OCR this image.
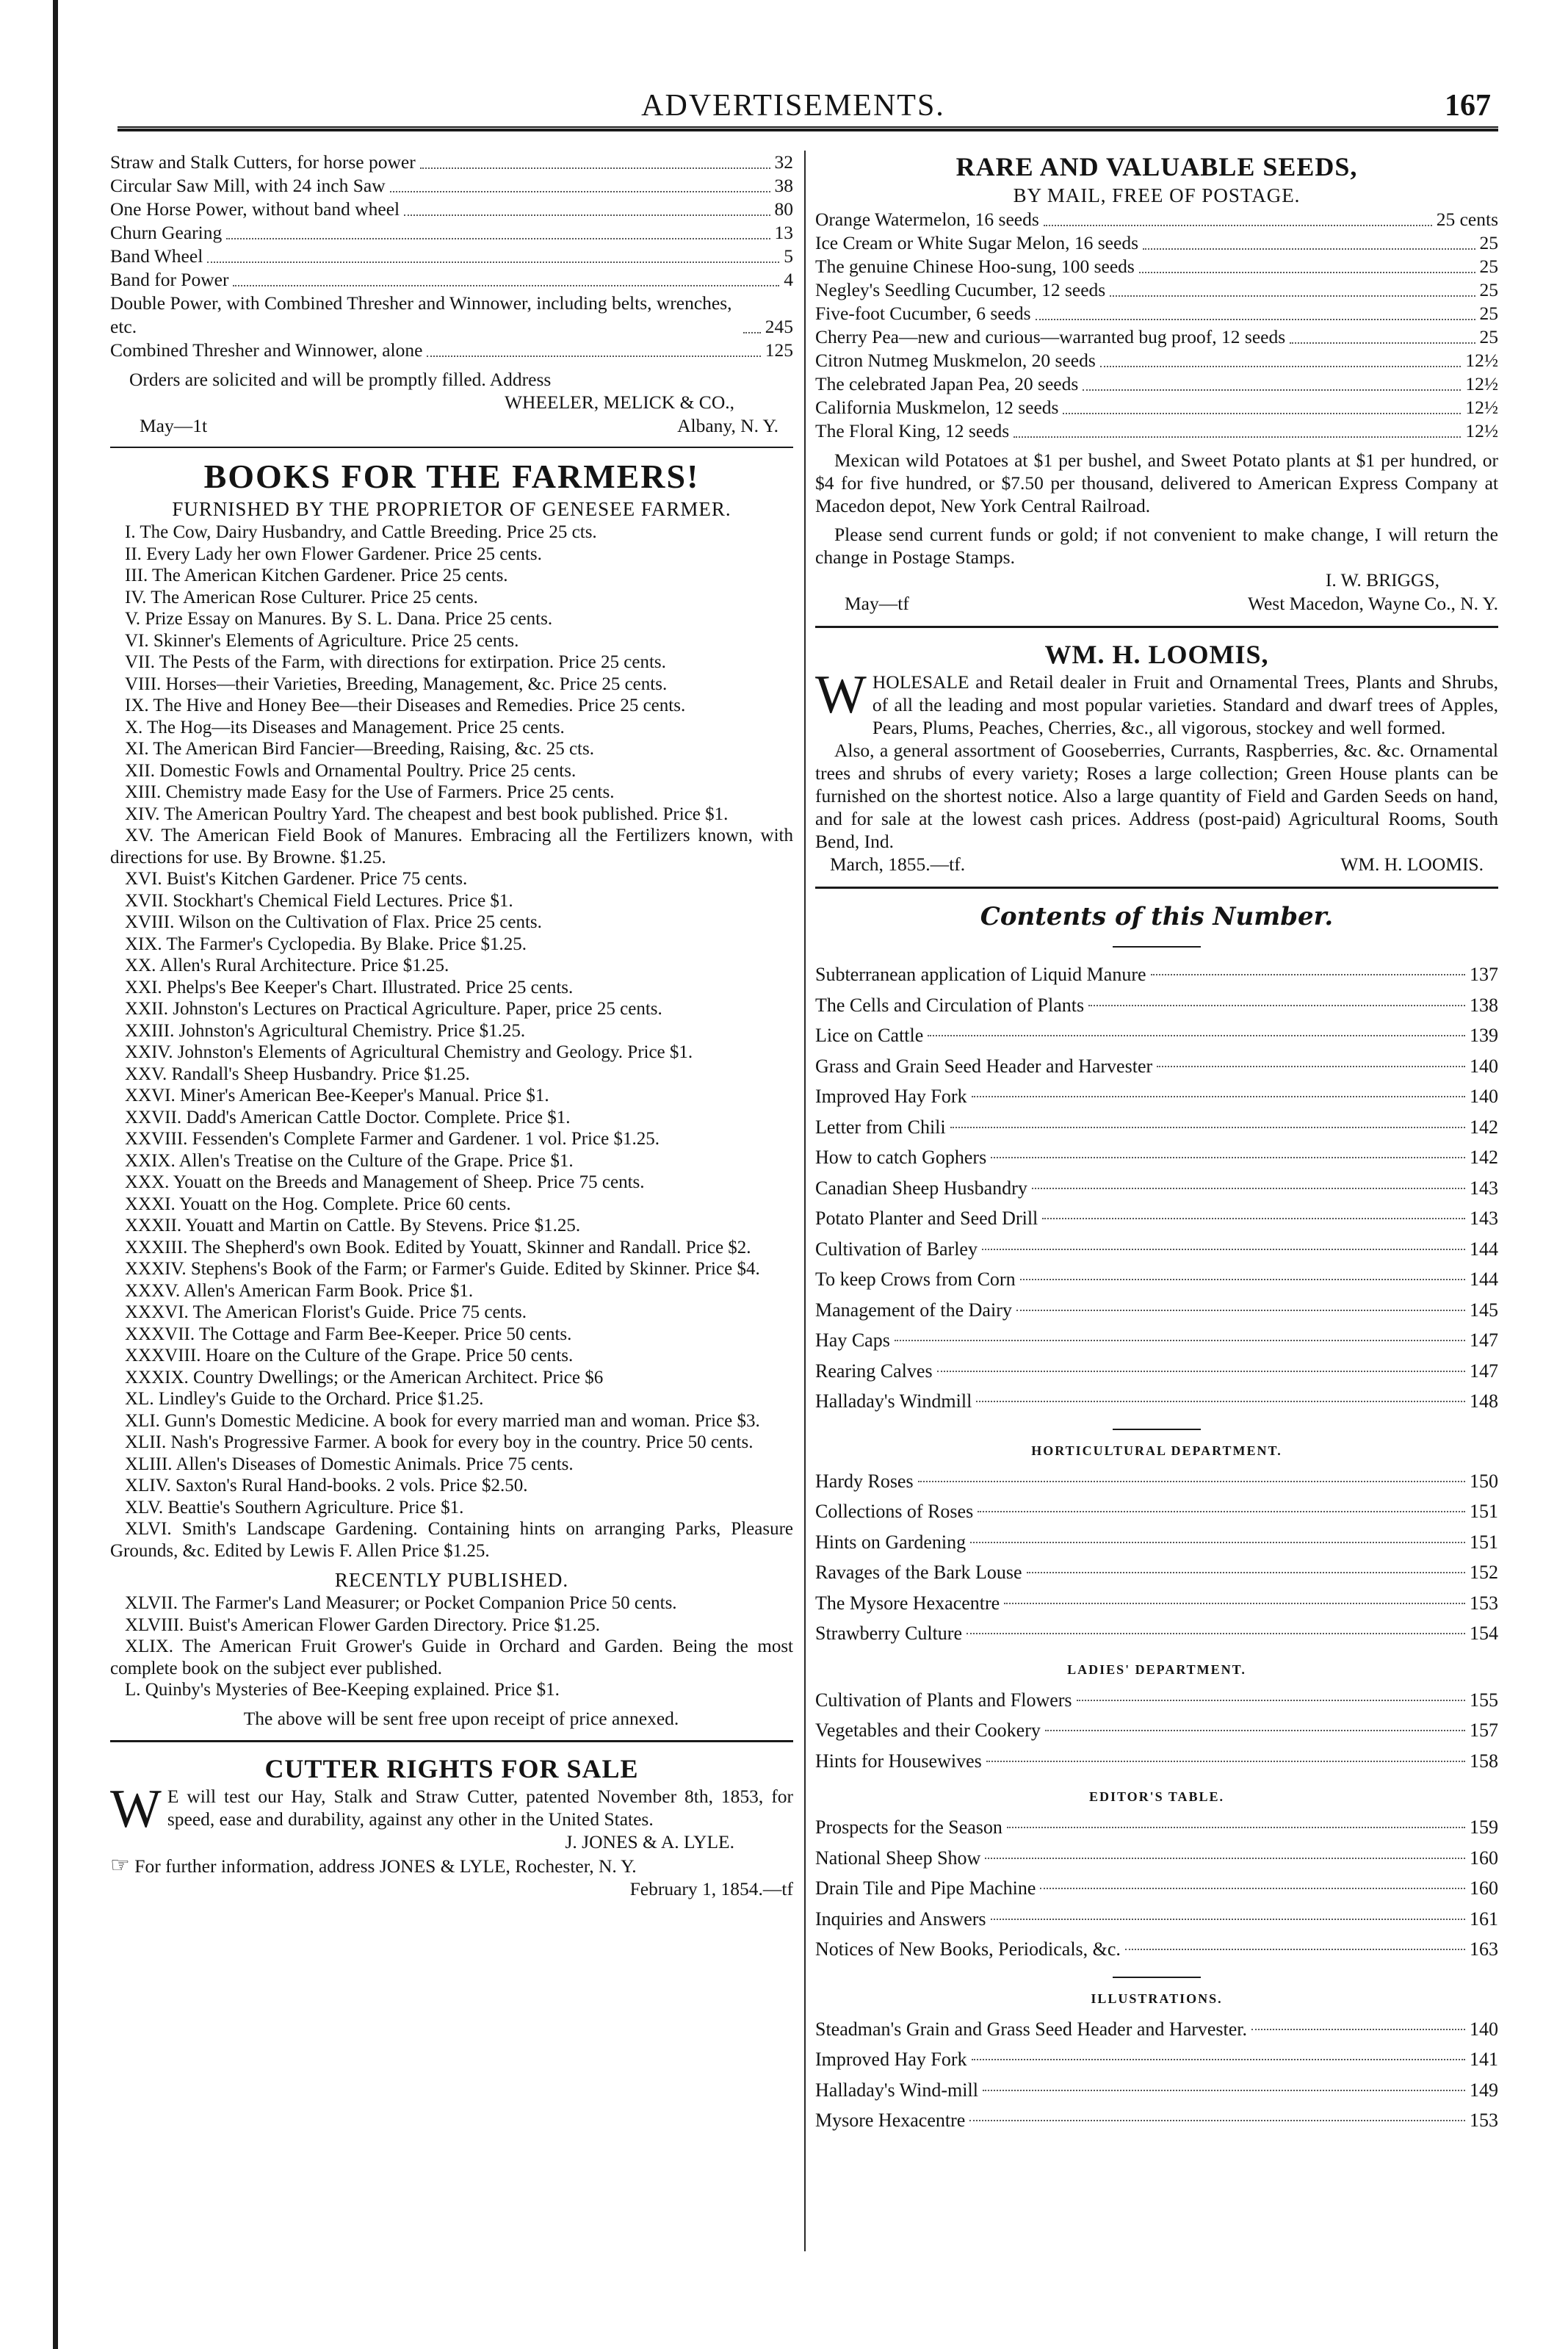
ADVERTISEMENTS.	167
Straw and Stalk Cutters, for horse power	32
Circular Saw Mill, with 24 inch Saw	38
One Horse Power, without band wheel	80
Churn Gearing	13
Band Wheel	5
Band for Power	4
Double Power, with Combined Thresher and Winnower, including belts, wrenches, etc.	245
Combined Thresher and Winnower, alone	125

Orders are solicited and will be promptly filled. Address

WHEELER, MELICK & CO.,
May—1t	Albany, N. Y.
BOOKS FOR THE FARMERS!
FURNISHED BY THE PROPRIETOR OF GENESEE FARMER.
I. The Cow, Dairy Husbandry, and Cattle Breeding. Price 25 cts.
II. Every Lady her own Flower Gardener. Price 25 cents.
III. The American Kitchen Gardener. Price 25 cents.
IV. The American Rose Culturer. Price 25 cents.
V. Prize Essay on Manures. By S. L. Dana. Price 25 cents.
VI. Skinner's Elements of Agriculture. Price 25 cents.
VII. The Pests of the Farm, with directions for extirpation. Price 25 cents.
VIII. Horses—their Varieties, Breeding, Management, &c. Price 25 cents.
IX. The Hive and Honey Bee—their Diseases and Remedies. Price 25 cents.
X. The Hog—its Diseases and Management. Price 25 cents.
XI. The American Bird Fancier—Breeding, Raising, &c. 25 cts.
XII. Domestic Fowls and Ornamental Poultry. Price 25 cents.
XIII. Chemistry made Easy for the Use of Farmers. Price 25 cents.
XIV. The American Poultry Yard. The cheapest and best book published. Price $1.
XV. The American Field Book of Manures. Embracing all the Fertilizers known, with directions for use. By Browne. $1.25.
XVI. Buist's Kitchen Gardener. Price 75 cents.
XVII. Stockhart's Chemical Field Lectures. Price $1.
XVIII. Wilson on the Cultivation of Flax. Price 25 cents.
XIX. The Farmer's Cyclopedia. By Blake. Price $1.25.
XX. Allen's Rural Architecture. Price $1.25.
XXI. Phelps's Bee Keeper's Chart. Illustrated. Price 25 cents.
XXII. Johnston's Lectures on Practical Agriculture. Paper, price 25 cents.
XXIII. Johnston's Agricultural Chemistry. Price $1.25.
XXIV. Johnston's Elements of Agricultural Chemistry and Geology. Price $1.
XXV. Randall's Sheep Husbandry. Price $1.25.
XXVI. Miner's American Bee-Keeper's Manual. Price $1.
XXVII. Dadd's American Cattle Doctor. Complete. Price $1.
XXVIII. Fessenden's Complete Farmer and Gardener. 1 vol. Price $1.25.
XXIX. Allen's Treatise on the Culture of the Grape. Price $1.
XXX. Youatt on the Breeds and Management of Sheep. Price 75 cents.
XXXI. Youatt on the Hog. Complete. Price 60 cents.
XXXII. Youatt and Martin on Cattle. By Stevens. Price $1.25.
XXXIII. The Shepherd's own Book. Edited by Youatt, Skinner and Randall. Price $2.
XXXIV. Stephens's Book of the Farm; or Farmer's Guide. Edited by Skinner. Price $4.
XXXV. Allen's American Farm Book. Price $1.
XXXVI. The American Florist's Guide. Price 75 cents.
XXXVII. The Cottage and Farm Bee-Keeper. Price 50 cents.
XXXVIII. Hoare on the Culture of the Grape. Price 50 cents.
XXXIX. Country Dwellings; or the American Architect. Price $6
XL. Lindley's Guide to the Orchard. Price $1.25.
XLI. Gunn's Domestic Medicine. A book for every married man and woman. Price $3.
XLII. Nash's Progressive Farmer. A book for every boy in the country. Price 50 cents.
XLIII. Allen's Diseases of Domestic Animals. Price 75 cents.
XLIV. Saxton's Rural Hand-books. 2 vols. Price $2.50.
XLV. Beattie's Southern Agriculture. Price $1.
XLVI. Smith's Landscape Gardening. Containing hints on arranging Parks, Pleasure Grounds, &c. Edited by Lewis F. Allen Price $1.25.
RECENTLY PUBLISHED.
XLVII. The Farmer's Land Measurer; or Pocket Companion Price 50 cents.
XLVIII. Buist's American Flower Garden Directory. Price $1.25.
XLIX. The American Fruit Grower's Guide in Orchard and Garden. Being the most complete book on the subject ever published.
L. Quinby's Mysteries of Bee-Keeping explained. Price $1.

The above will be sent free upon receipt of price annexed.

CUTTER RIGHTS FOR SALE

W E will test our Hay, Stalk and Straw Cutter, patented November 8th, 1853, for speed, ease and durability, against any other in the United States.

J. JONES & A. LYLE.

☞ For further information, address JONES & LYLE, Rochester, N. Y.
February 1, 1854.—tf

RARE AND VALUABLE SEEDS,
BY MAIL, FREE OF POSTAGE.
Orange Watermelon, 16 seeds	25 cents
Ice Cream or White Sugar Melon, 16 seeds	25
The genuine Chinese Hoo-sung, 100 seeds	25
Negley's Seedling Cucumber, 12 seeds	25
Five-foot Cucumber, 6 seeds	25
Cherry Pea—new and curious—warranted bug proof, 12 seeds	25
Citron Nutmeg Muskmelon, 20 seeds	12½
The celebrated Japan Pea, 20 seeds	12½
California Muskmelon, 12 seeds	12½
The Floral King, 12 seeds	12½

Mexican wild Potatoes at $1 per bushel, and Sweet Potato plants at $1 per hundred, or $4 for five hundred, or $7.50 per thousand, delivered to American Express Company at Macedon depot, New York Central Railroad.

Please send current funds or gold; if not convenient to make change, I will return the change in Postage Stamps.

I. W. BRIGGS,
May—tf	West Macedon, Wayne Co., N. Y.
WM. H. LOOMIS,

WHOLESALE and Retail dealer in Fruit and Ornamental Trees, Plants and Shrubs, of all the leading and most popular varieties. Standard and dwarf trees of Apples, Pears, Plums, Peaches, Cherries, &c., all vigorous, stockey and well formed.

Also, a general assortment of Gooseberries, Currants, Raspberries, &c. &c. Ornamental trees and shrubs of every variety; Roses a large collection; Green House plants can be furnished on the shortest notice. Also a large quantity of Field and Garden Seeds on hand, and for sale at the lowest cash prices. Address (post-paid) Agricultural Rooms, South Bend, Ind.

March, 1855.—tf.	WM. H. LOOMIS.
Contents of this Number.
Subterranean application of Liquid Manure	137
The Cells and Circulation of Plants	138
Lice on Cattle	139
Grass and Grain Seed Header and Harvester	140
Improved Hay Fork	140
Letter from Chili	142
How to catch Gophers	142
Canadian Sheep Husbandry	143
Potato Planter and Seed Drill	143
Cultivation of Barley	144
To keep Crows from Corn	144
Management of the Dairy	145
Hay Caps	147
Rearing Calves	147
Halladay's Windmill	148
HORTICULTURAL DEPARTMENT.
Hardy Roses	150
Collections of Roses	151
Hints on Gardening	151
Ravages of the Bark Louse	152
The Mysore Hexacentre	153
Strawberry Culture	154
LADIES' DEPARTMENT.
Cultivation of Plants and Flowers	155
Vegetables and their Cookery	157
Hints for Housewives	158
EDITOR'S TABLE.
Prospects for the Season	159
National Sheep Show	160
Drain Tile and Pipe Machine	160
Inquiries and Answers	161
Notices of New Books, Periodicals, &c.	163
ILLUSTRATIONS.
Steadman's Grain and Grass Seed Header and Harvester.	140
Improved Hay Fork	141
Halladay's Wind-mill	149
Mysore Hexacentre	153
